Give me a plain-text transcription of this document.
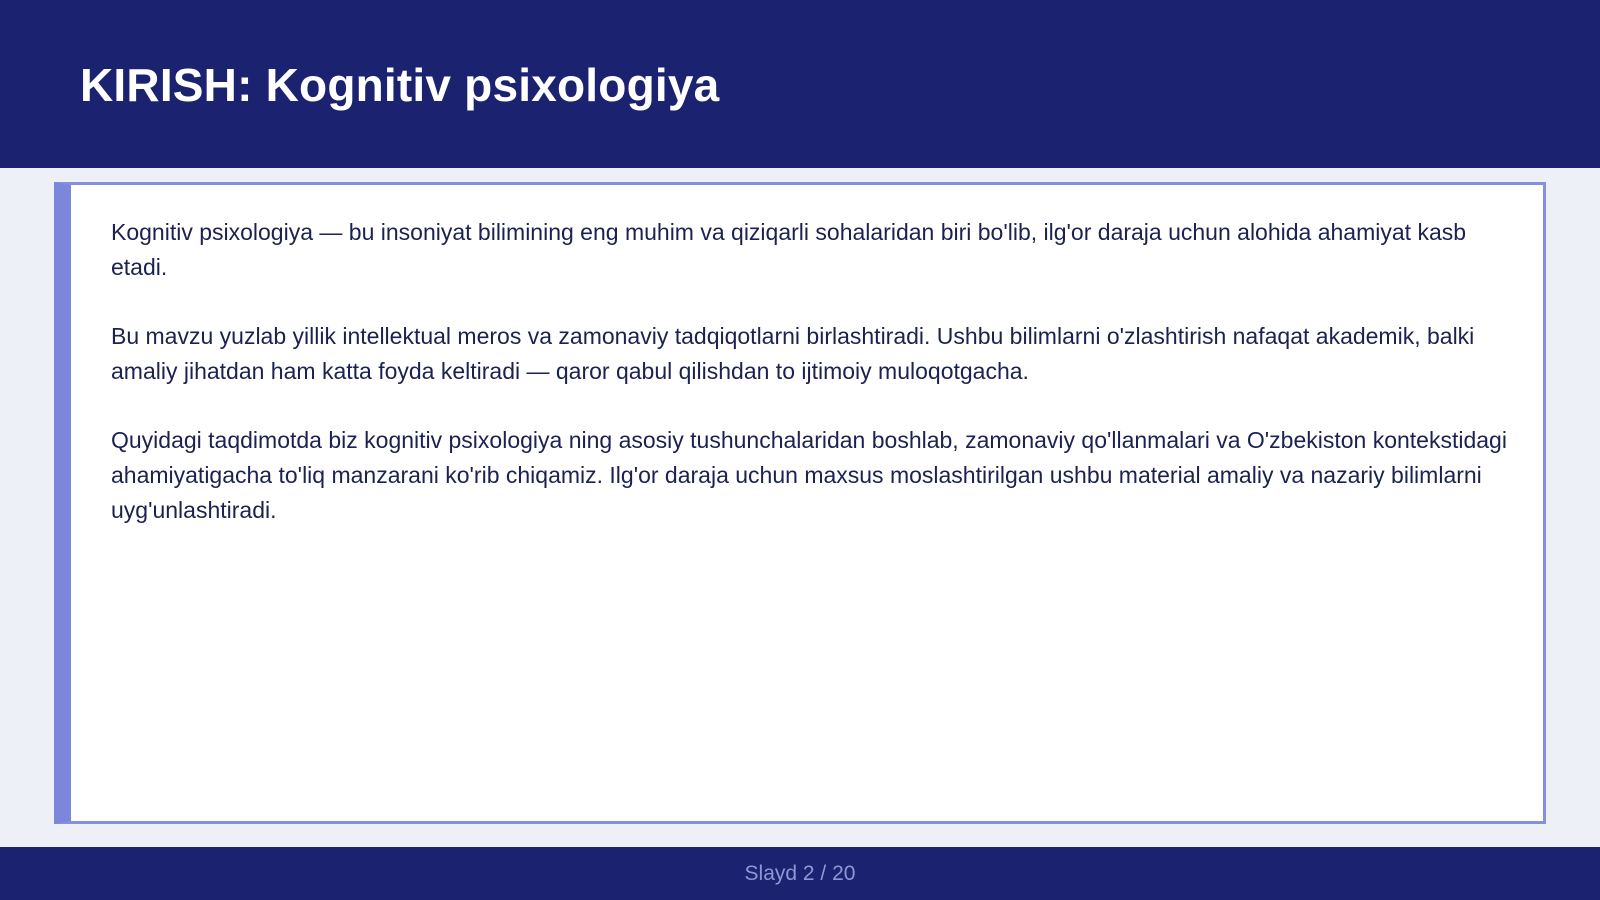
KIRISH: Kognitiv psixologiya

Kognitiv psixologiya — bu insoniyat bilimining eng muhim va qiziqarli sohalaridan biri bo'lib, ilg'or daraja uchun alohida ahamiyat kasb etadi.

Bu mavzu yuzlab yillik intellektual meros va zamonaviy tadqiqotlarni birlashtiradi. Ushbu bilimlarni o'zlashtirish nafaqat akademik, balki amaliy jihatdan ham katta foyda keltiradi — qaror qabul qilishdan to ijtimoiy muloqotgacha.

Quyidagi taqdimotda biz kognitiv psixologiya ning asosiy tushunchalaridan boshlab, zamonaviy qo'llanmalari va O'zbekiston kontekstidagi ahamiyatigacha to'liq manzarani ko'rib chiqamiz. Ilg'or daraja uchun maxsus moslashtirilgan ushbu material amaliy va nazariy bilimlarni uyg'unlashtiradi.

Slayd 2 / 20
